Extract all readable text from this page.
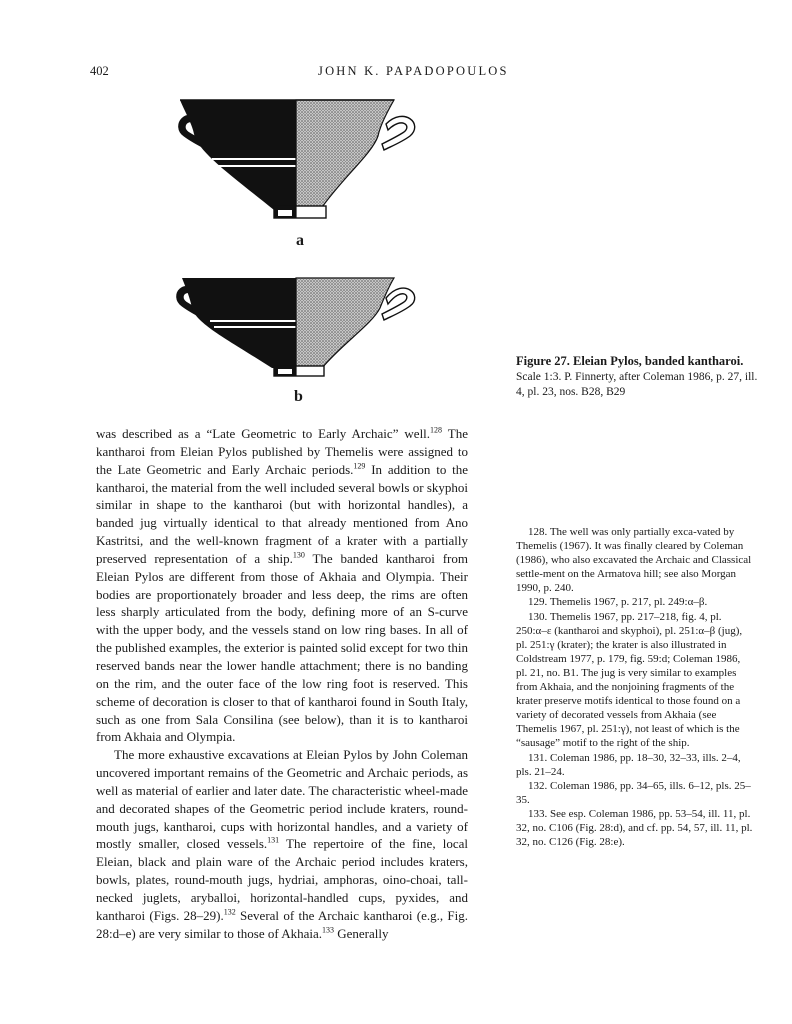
402	JOHN K. PAPADOPOULOS
a
b
Figure 27. Eleian Pylos, banded kantharoi. Scale 1:3. P. Finnerty, after Coleman 1986, p. 27, ill. 4, pl. 23, nos. B28, B29

was described as a “Late Geometric to Early Archaic” well.$^{128}$ The kantharoi from Eleian Pylos published by Themelis were assigned to the Late Geometric and Early Archaic periods.$^{129}$ In addition to the kantharoi, the material from the well included several bowls or skyphoi similar in shape to the kantharoi (but with horizontal handles), a banded jug virtually identical to that already mentioned from Ano Kastritsi, and the well-known fragment of a krater with a partially preserved representation of a ship.$^{130}$ The banded kantharoi from Eleian Pylos are different from those of Akhaia and Olympia. Their bodies are proportionately broader and less deep, the rims are often less sharply articulated from the body, defining more of an S-curve with the upper body, and the vessels stand on low ring bases. In all of the published examples, the exterior is painted solid except for two thin reserved bands near the lower handle attachment; there is no banding on the rim, and the outer face of the low ring foot is reserved. This scheme of decoration is closer to that of kantharoi found in South Italy, such as one from Sala Consilina (see below), than it is to kantharoi from Akhaia and Olympia.

The more exhaustive excavations at Eleian Pylos by John Coleman uncovered important remains of the Geometric and Archaic periods, as well as material of earlier and later date. The characteristic wheel-made and decorated shapes of the Geometric period include kraters, round-mouth jugs, kantharoi, cups with horizontal handles, and a variety of mostly smaller, closed vessels.$^{131}$ The repertoire of the fine, local Eleian, black and plain ware of the Archaic period includes kraters, bowls, plates, round-mouth jugs, hydriai, amphoras, oino-choai, tall-necked juglets, aryballoi, horizontal-handled cups, pyxides, and kantharoi (Figs. 28–29).$^{132}$ Several of the Archaic kantharoi (e.g., Fig. 28:d–e) are very similar to those of Akhaia.$^{133}$ Generally

128. The well was only partially exca-vated by Themelis (1967). It was finally cleared by Coleman (1986), who also excavated the Archaic and Classical settle-ment on the Armatova hill; see also Morgan 1990, p. 240.

129. Themelis 1967, p. 217, pl. 249:α–β.

130. Themelis 1967, pp. 217–218, fig. 4, pl. 250:α–ε (kantharoi and skyphoi), pl. 251:α–β (jug), pl. 251:γ (krater); the krater is also illustrated in Coldstream 1977, p. 179, fig. 59:d; Coleman 1986, pl. 21, no. B1. The jug is very similar to examples from Akhaia, and the nonjoining fragments of the krater preserve motifs identical to those found on a variety of decorated vessels from Akhaia (see Themelis 1967, pl. 251:γ), not least of which is the “sausage” motif to the right of the ship.

131. Coleman 1986, pp. 18–30, 32–33, ills. 2–4, pls. 21–24.

132. Coleman 1986, pp. 34–65, ills. 6–12, pls. 25–35.

133. See esp. Coleman 1986, pp. 53–54, ill. 11, pl. 32, no. C106 (Fig. 28:d), and cf. pp. 54, 57, ill. 11, pl. 32, no. C126 (Fig. 28:e).
